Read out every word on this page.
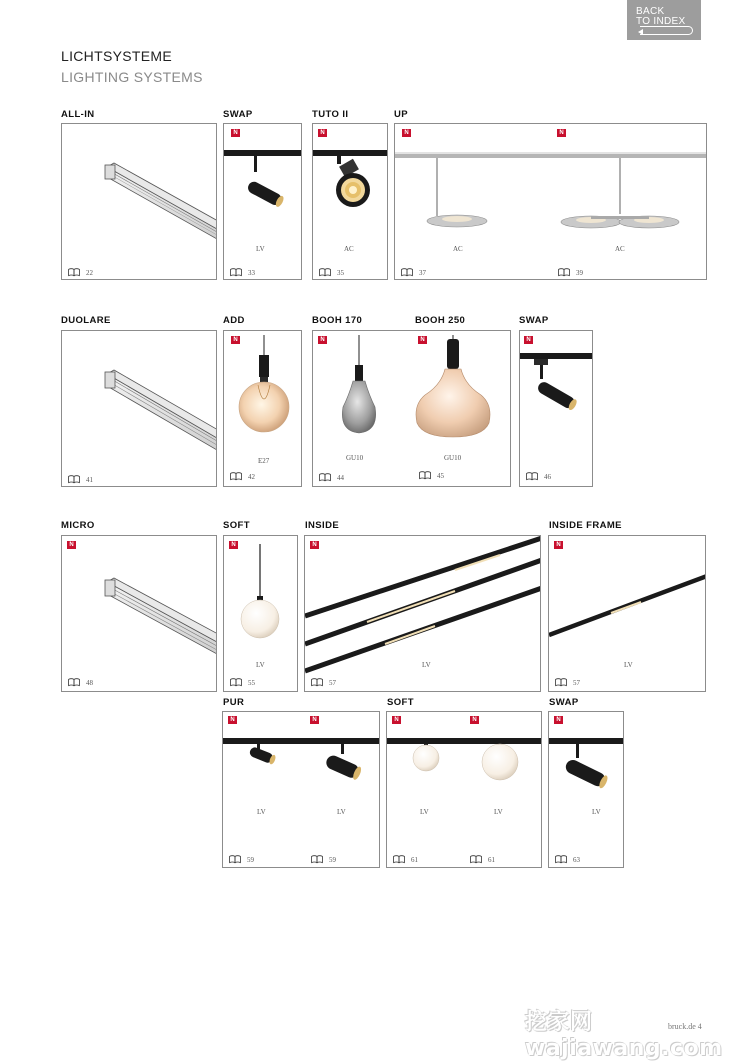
BACK
TO INDEX
LICHTSYSTEME
LIGHTING SYSTEMS
ALL-IN
22
SWAP
N
LV
33
TUTO II
N
AC
35
UP
N	N
AC	AC
37	39
DUOLARE
41
ADD
N
E27
42
BOOH 170	BOOH 250
N	N
GU10	GU10
44	45
SWAP
N
46
MICRO
N
48
SOFT
N
LV
55
INSIDE
N
LV
57
INSIDE FRAME
N
LV
57
PUR
N	N
LV	LV
59	59
SOFT
N	N
LV	LV
61	61
SWAP
N
LV
63
挖家网 wajiawang.com
bruck.de 4
